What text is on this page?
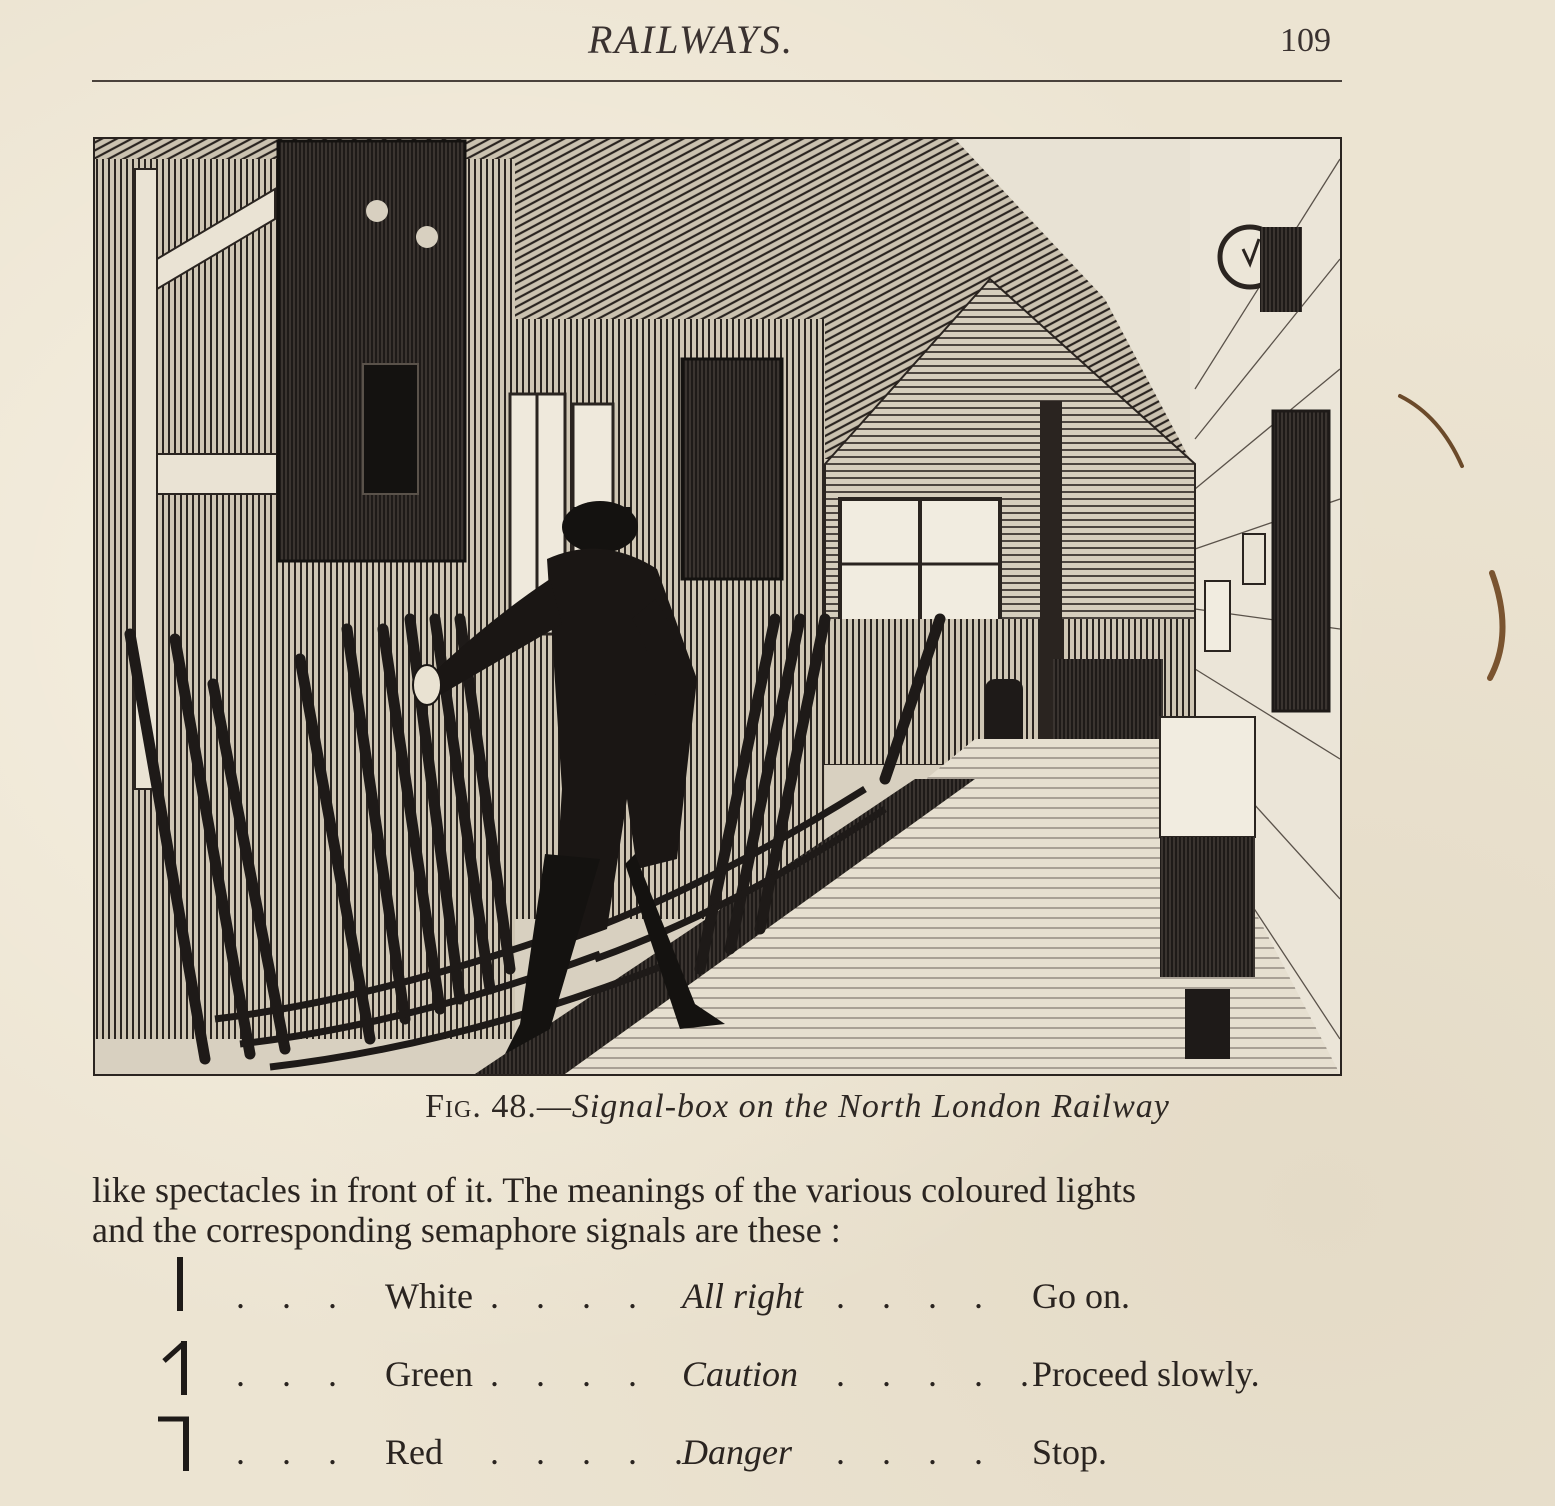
RAILWAYS.	109
Fig. 48.—Signal-box on the North London Railway
like spectacles in front of it. The meanings of the various coloured lights
and the corresponding semaphore signals are these :
. . . White . . . . All right . . . . Go on.
. . . Green . . . . Caution . . . . .
Proceed slowly.
. . . Red . . . . .
Danger . . . . Stop.
